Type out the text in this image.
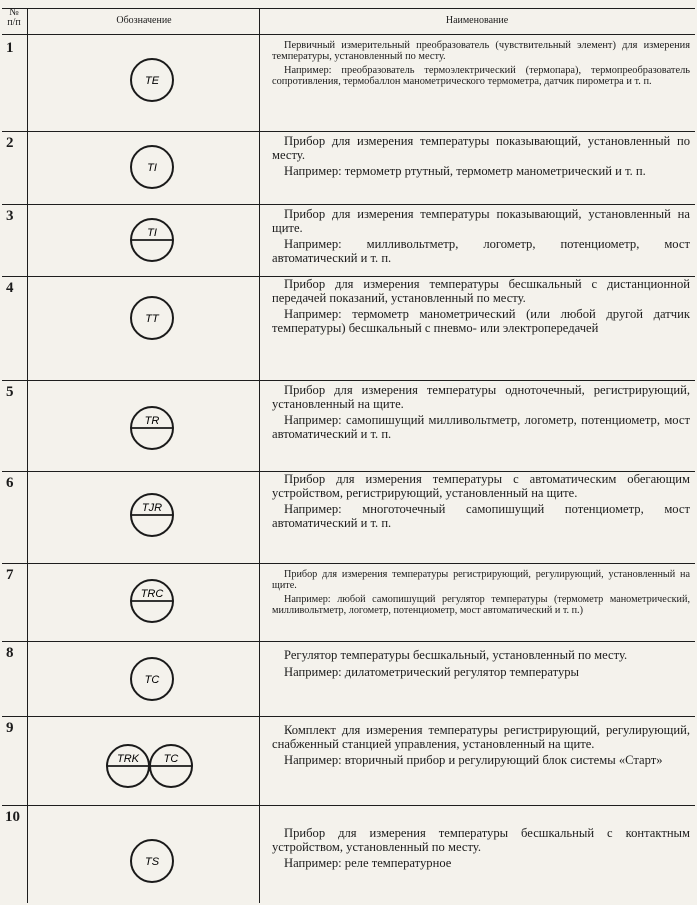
№
п/п	Обозначение	Наименование
1
TE

Первичный измерительный преобразователь (чувствительный элемент) для измерения температуры, установленный по месту.

Например: преобразователь термоэлектрический (термопара), термопреобразователь сопротивления, термобаллон манометрического термометра, датчик пирометра и т. п.

2
TI

Прибор для измерения температуры показывающий, установленный по месту.

Например: термометр ртутный, термометр манометрический и т. п.

3
TI

Прибор для измерения температуры показывающий, установленный на щите.

Например: милливольтметр, логометр, потенциометр, мост автоматический и т. п.

4
TT

Прибор для измерения температуры бесшкальный с дистанционной передачей показаний, установленный по месту.

Например: термометр манометрический (или любой другой датчик температуры) бесшкальный с пневмо- или электропередачей

5
TR

Прибор для измерения температуры одноточечный, регистрирующий, установленный на щите.

Например: самопишущий милливольтметр, логометр, потенциометр, мост автоматический и т. п.

6
TJR

Прибор для измерения температуры с автоматическим обегающим устройством, регистрирующий, установленный на щите.

Например: многоточечный самопишущий потенциометр, мост автоматический и т. п.

7
TRC

Прибор для измерения температуры регистрирующий, регулирующий, установленный на щите.

Например: любой самопишущий регулятор температуры (термометр манометрический, милливольтметр, логометр, потенциометр, мост автоматический и т. п.)

8
TC

Регулятор температуры бесшкальный, установленный по месту.

Например: дилатометрический регулятор температуры

9
TRK TC

Комплект для измерения температуры регистрирующий, регулирующий, снабженный станцией управления, установленный на щите.

Например: вторичный прибор и регулирующий блок системы «Старт»

10
TS

Прибор для измерения температуры бесшкальный с контактным устройством, установленный по месту.

Например: реле температурное
